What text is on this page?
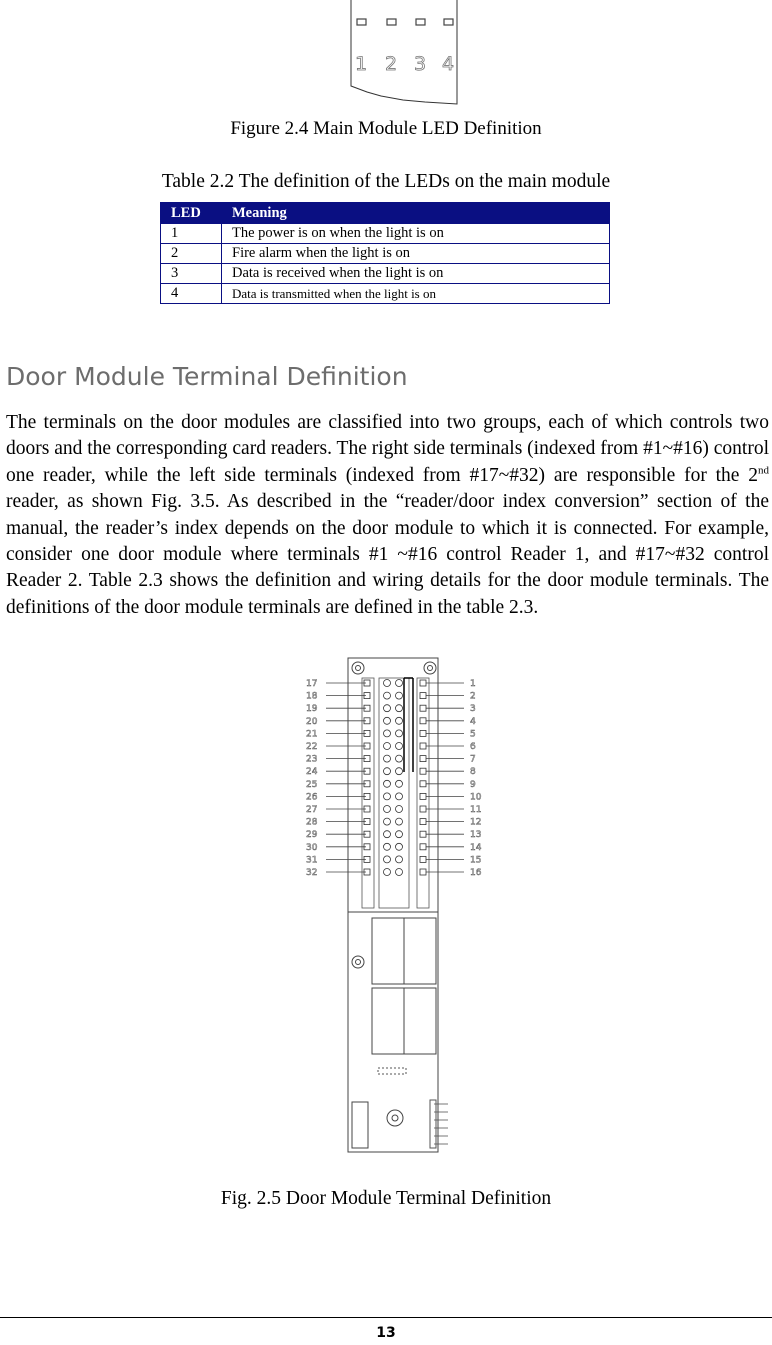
1 2 3 4
Figure 2.4 Main Module LED Definition
Table 2.2 The definition of the LEDs on the main module
LED	Meaning
1	The power is on when the light is on
2	Fire alarm when the light is on
3	Data is received when the light is on
4	Data is transmitted when the light is on
Door Module Terminal Definition

The terminals on the door modules are classified into two groups, each of which controls two doors and the corresponding card readers. The right side terminals (indexed from #1~#16) control one reader, while the left side terminals (indexed from #17~#32) are responsible for the 2nd reader, as shown Fig. 3.5. As described in the “reader/door index conversion” section of the manual, the reader’s index depends on the door module to which it is connected. For example, consider one door module where terminals #1 ~#16 control Reader 1, and #17~#32 control Reader 2. Table 2.3 shows the definition and wiring details for the door module terminals. The definitions of the door module terminals are defined in the table 2.3.

17
18
19
20
21
22
23
24
25
26
27
28
29
30
31
32
1
2
3
4
5
6
7
8
9
10
11
12
13
14
15
16
Fig. 2.5 Door Module Terminal Definition
13
